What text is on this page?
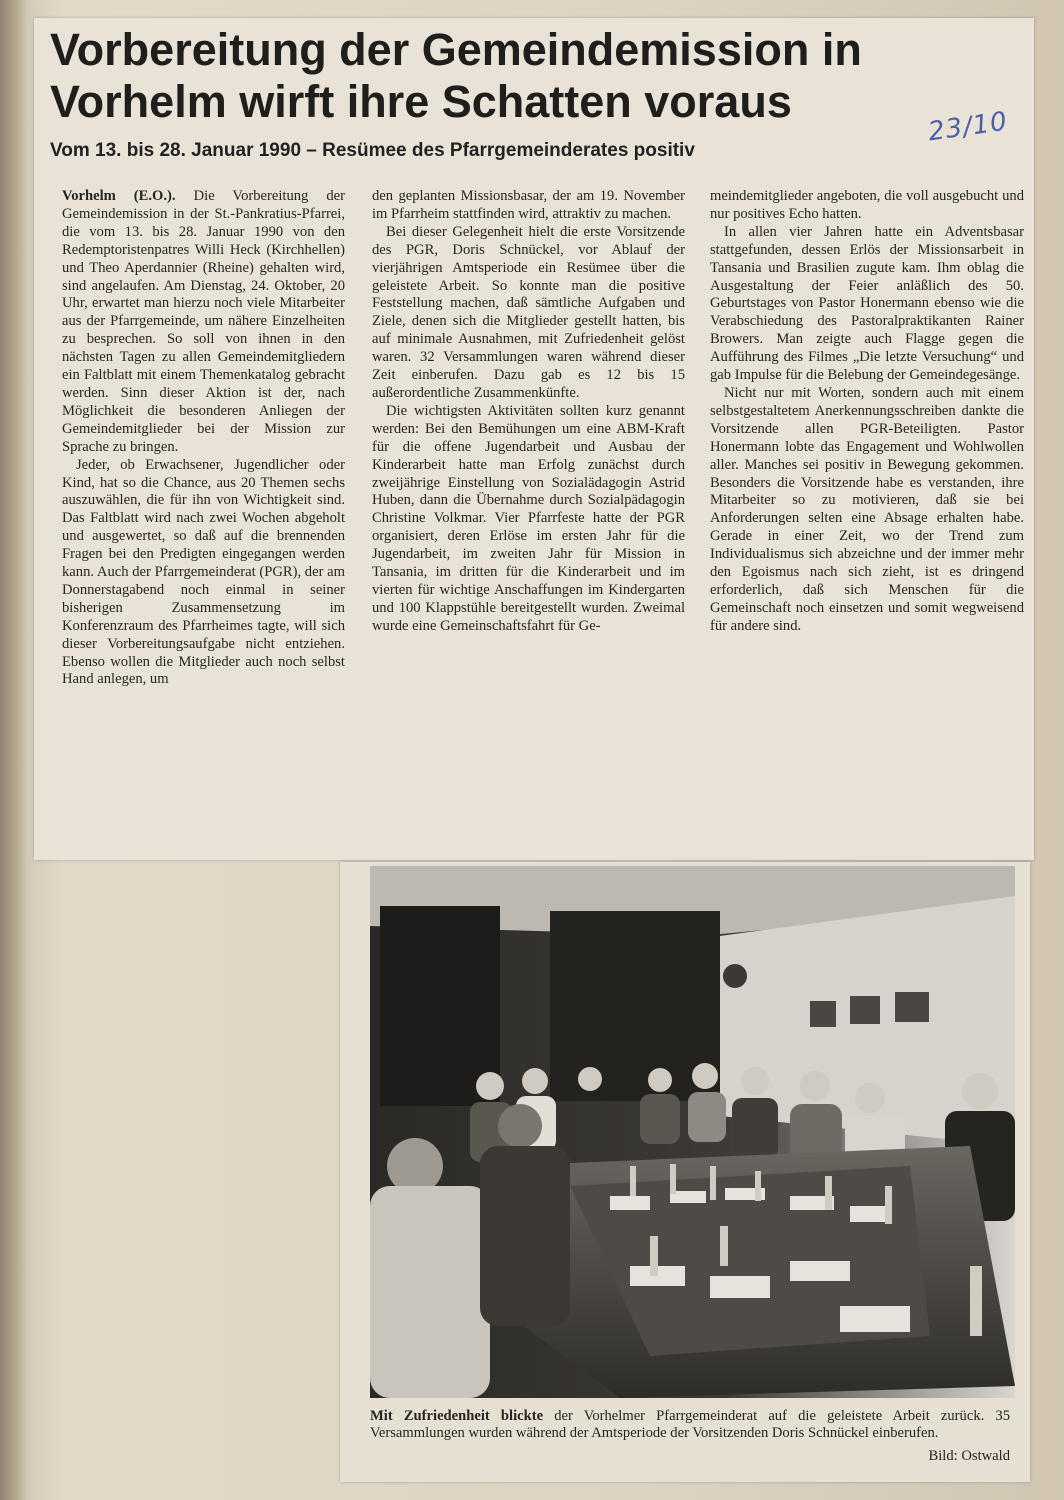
Vorbereitung der Gemeindemission in Vorhelm wirft ihre Schatten voraus
Vom 13. bis 28. Januar 1990 – Resümee des Pfarrgemeinderates positiv
23/10

Vorhelm (E.O.). Die Vorbereitung der Gemeindemission in der St.-Pankratius-Pfarrei, die vom 13. bis 28. Januar 1990 von den Redemptoristenpatres Willi Heck (Kirchhellen) und Theo Aperdannier (Rheine) gehalten wird, sind angelaufen. Am Dienstag, 24. Oktober, 20 Uhr, erwartet man hierzu noch viele Mitarbeiter aus der Pfarrgemeinde, um nähere Einzelheiten zu besprechen. So soll von ihnen in den nächsten Tagen zu allen Gemeindemitgliedern ein Faltblatt mit einem Themenkatalog gebracht werden. Sinn dieser Aktion ist der, nach Möglichkeit die besonderen Anliegen der Gemeindemitglieder bei der Mission zur Sprache zu bringen.

Jeder, ob Erwachsener, Jugendlicher oder Kind, hat so die Chance, aus 20 Themen sechs auszuwählen, die für ihn von Wichtigkeit sind. Das Faltblatt wird nach zwei Wochen abgeholt und ausgewertet, so daß auf die brennenden Fragen bei den Predigten eingegangen werden kann. Auch der Pfarrgemeinderat (PGR), der am Donnerstagabend noch einmal in seiner bisherigen Zusammensetzung im Konferenzraum des Pfarrheimes tagte, will sich dieser Vorbereitungsaufgabe nicht entziehen. Ebenso wollen die Mitglieder auch noch selbst Hand anlegen, um

den geplanten Missionsbasar, der am 19. November im Pfarrheim stattfinden wird, attraktiv zu machen.

Bei dieser Gelegenheit hielt die erste Vorsitzende des PGR, Doris Schnückel, vor Ablauf der vierjährigen Amtsperiode ein Resümee über die geleistete Arbeit. So konnte man die positive Feststellung machen, daß sämtliche Aufgaben und Ziele, denen sich die Mitglieder gestellt hatten, bis auf minimale Ausnahmen, mit Zufriedenheit gelöst waren. 32 Versammlungen waren während dieser Zeit einberufen. Dazu gab es 12 bis 15 außerordentliche Zusammenkünfte.

Die wichtigsten Aktivitäten sollten kurz genannt werden: Bei den Bemühungen um eine ABM-Kraft für die offene Jugendarbeit und Ausbau der Kinderarbeit hatte man Erfolg zunächst durch zweijährige Einstellung von Sozialädagogin Astrid Huben, dann die Übernahme durch Sozialpädagogin Christine Volkmar. Vier Pfarrfeste hatte der PGR organisiert, deren Erlöse im ersten Jahr für die Jugendarbeit, im zweiten Jahr für Mission in Tansania, im dritten für die Kinderarbeit und im vierten für wichtige Anschaffungen im Kindergarten und 100 Klappstühle bereitgestellt wurden. Zweimal wurde eine Gemeinschaftsfahrt für Ge-

meindemitglieder angeboten, die voll ausgebucht und nur positives Echo hatten.

In allen vier Jahren hatte ein Adventsbasar stattgefunden, dessen Erlös der Missionsarbeit in Tansania und Brasilien zugute kam. Ihm oblag die Ausgestaltung der Feier anläßlich des 50. Geburtstages von Pastor Honermann ebenso wie die Verabschiedung des Pastoralpraktikanten Rainer Browers. Man zeigte auch Flagge gegen die Aufführung des Filmes „Die letzte Versuchung“ und gab Impulse für die Belebung der Gemeindegesänge.

Nicht nur mit Worten, sondern auch mit einem selbstgestaltetem Anerkennungsschreiben dankte die Vorsitzende allen PGR-Beteiligten. Pastor Honermann lobte das Engagement und Wohlwollen aller. Manches sei positiv in Bewegung gekommen. Besonders die Vorsitzende habe es verstanden, ihre Mitarbeiter so zu motivieren, daß sie bei Anforderungen selten eine Absage erhalten habe. Gerade in einer Zeit, wo der Trend zum Individualismus sich abzeichne und der immer mehr den Egoismus nach sich zieht, ist es dringend erforderlich, daß sich Menschen für die Gemeinschaft noch einsetzen und somit wegweisend für andere sind.

Mit Zufriedenheit blickte der Vorhelmer Pfarrgemeinderat auf die geleistete Arbeit zurück. 35 Versammlungen wurden während der Amtsperiode der Vorsitzenden Doris Schnückel einberufen.
Bild: Ostwald
